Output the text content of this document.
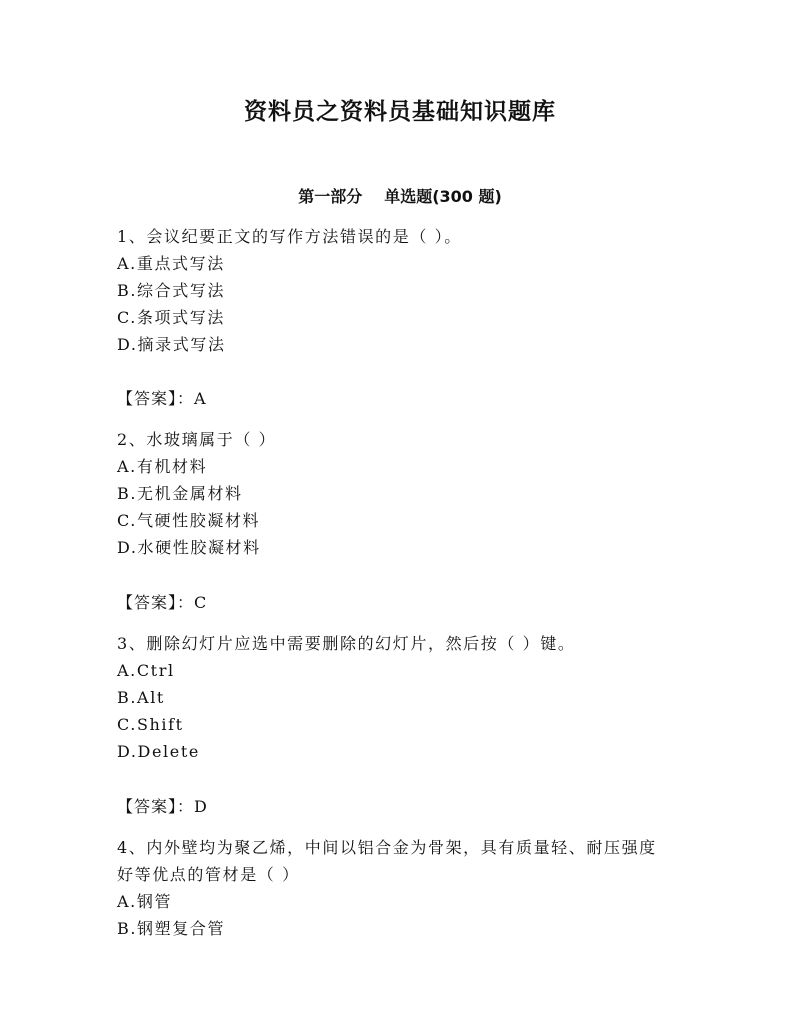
资料员之资料员基础知识题库
第一部分 单选题(300 题)
1、会议纪要正文的写作方法错误的是（ ）。
A.重点式写法
B.综合式写法
C.条项式写法
D.摘录式写法
【答案】：A
2、水玻璃属于（ ）
A.有机材料
B.无机金属材料
C.气硬性胶凝材料
D.水硬性胶凝材料
【答案】：C
3、删除幻灯片应选中需要删除的幻灯片，然后按（ ）键。
A.Ctrl
B.Alt
C.Shift
D.Delete
【答案】：D
4、内外壁均为聚乙烯，中间以铝合金为骨架，具有质量轻、耐压强度
好等优点的管材是（ ）
A.钢管
B.钢塑复合管
